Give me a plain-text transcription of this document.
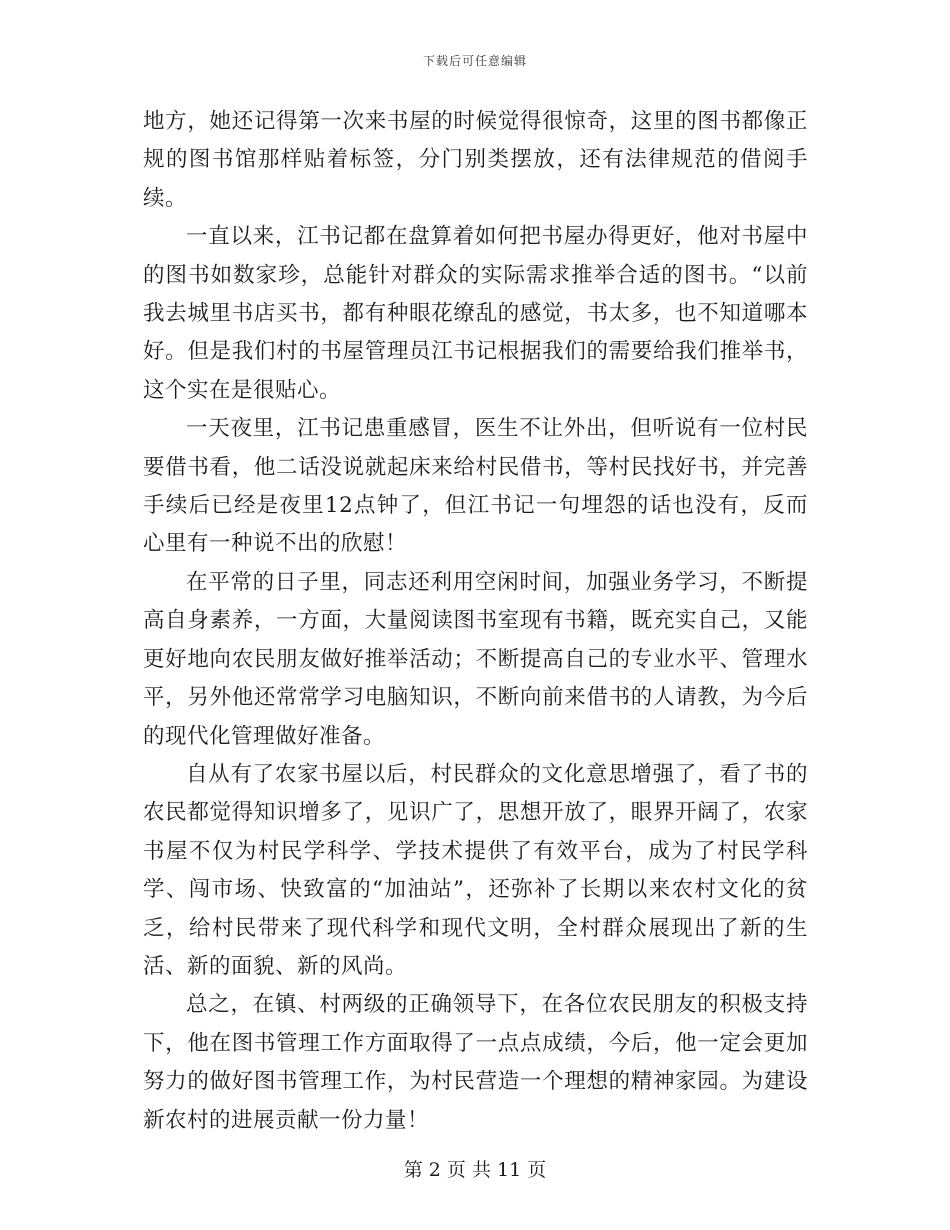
下载后可任意编辑

地方，她还记得第一次来书屋的时候觉得很惊奇，这里的图书都像正规的图书馆那样贴着标签，分门别类摆放，还有法律规范的借阅手续。

一直以来，江书记都在盘算着如何把书屋办得更好，他对书屋中的图书如数家珍，总能针对群众的实际需求推举合适的图书。“以前我去城里书店买书，都有种眼花缭乱的感觉，书太多，也不知道哪本好。但是我们村的书屋管理员江书记根据我们的需要给我们推举书，这个实在是很贴心。

一天夜里，江书记患重感冒，医生不让外出，但听说有一位村民要借书看，他二话没说就起床来给村民借书，等村民找好书，并完善手续后已经是夜里12点钟了，但江书记一句埋怨的话也没有，反而心里有一种说不出的欣慰！

在平常的日子里，同志还利用空闲时间，加强业务学习，不断提高自身素养，一方面，大量阅读图书室现有书籍，既充实自己，又能更好地向农民朋友做好推举活动；不断提高自己的专业水平、管理水平，另外他还常常学习电脑知识，不断向前来借书的人请教，为今后的现代化管理做好准备。

自从有了农家书屋以后，村民群众的文化意思增强了，看了书的农民都觉得知识增多了，见识广了，思想开放了，眼界开阔了，农家书屋不仅为村民学科学、学技术提供了有效平台，成为了村民学科学、闯市场、快致富的“加油站”，还弥补了长期以来农村文化的贫乏，给村民带来了现代科学和现代文明，全村群众展现出了新的生活、新的面貌、新的风尚。

总之，在镇、村两级的正确领导下，在各位农民朋友的积极支持下，他在图书管理工作方面取得了一点点成绩，今后，他一定会更加努力的做好图书管理工作，为村民营造一个理想的精神家园。为建设新农村的进展贡献一份力量！

第 2 页 共 11 页
